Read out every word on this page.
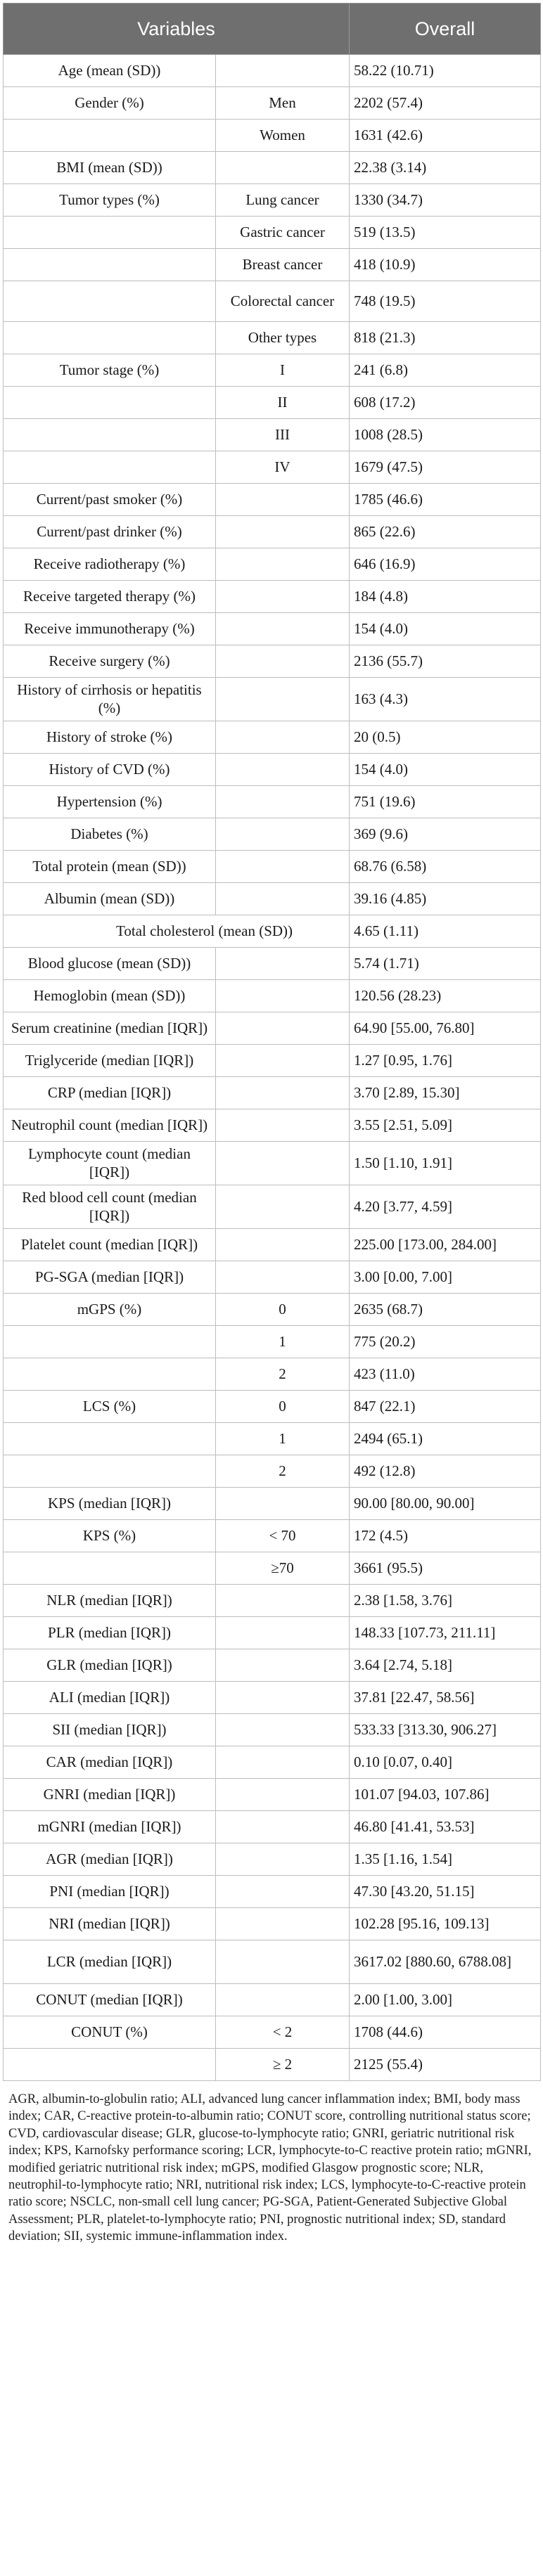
Variables		Overall
Age (mean (SD))		58.22 (10.71)
Gender (%)	Men	2202 (57.4)
	Women	1631 (42.6)
BMI (mean (SD))		22.38 (3.14)
Tumor types (%)	Lung cancer	1330 (34.7)
	Gastric cancer	519 (13.5)
	Breast cancer	418 (10.9)
	Colorectal cancer	748 (19.5)
	Other types	818 (21.3)
Tumor stage (%)	I	241 (6.8)
	II	608 (17.2)
	III	1008 (28.5)
	IV	1679 (47.5)
Current/past smoker (%)		1785 (46.6)
Current/past drinker (%)		865 (22.6)
Receive radiotherapy (%)		646 (16.9)
Receive targeted therapy (%)		184 (4.8)
Receive immunotherapy (%)		154 (4.0)
Receive surgery (%)		2136 (55.7)
History of cirrhosis or hepatitis (%)		163 (4.3)
History of stroke (%)		20 (0.5)
History of CVD (%)		154 (4.0)
Hypertension (%)		751 (19.6)
Diabetes (%)		369 (9.6)
Total protein (mean (SD))		68.76 (6.58)
Albumin (mean (SD))		39.16 (4.85)
Total cholesterol (mean (SD))		4.65 (1.11)
Blood glucose (mean (SD))		5.74 (1.71)
Hemoglobin (mean (SD))		120.56 (28.23)
Serum creatinine (median [IQR])		64.90 [55.00, 76.80]
Triglyceride (median [IQR])		1.27 [0.95, 1.76]
CRP (median [IQR])		3.70 [2.89, 15.30]
Neutrophil count (median [IQR])		3.55 [2.51, 5.09]
Lymphocyte count (median [IQR])		1.50 [1.10, 1.91]
Red blood cell count (median [IQR])		4.20 [3.77, 4.59]
Platelet count (median [IQR])		225.00 [173.00, 284.00]
PG-SGA (median [IQR])		3.00 [0.00, 7.00]
mGPS (%)	0	2635 (68.7)
	1	775 (20.2)
	2	423 (11.0)
LCS (%)	0	847 (22.1)
	1	2494 (65.1)
	2	492 (12.8)
KPS (median [IQR])		90.00 [80.00, 90.00]
KPS (%)	< 70	172 (4.5)
	≥70	3661 (95.5)
NLR (median [IQR])		2.38 [1.58, 3.76]
PLR (median [IQR])		148.33 [107.73, 211.11]
GLR (median [IQR])		3.64 [2.74, 5.18]
ALI (median [IQR])		37.81 [22.47, 58.56]
SII (median [IQR])		533.33 [313.30, 906.27]
CAR (median [IQR])		0.10 [0.07, 0.40]
GNRI (median [IQR])		101.07 [94.03, 107.86]
mGNRI (median [IQR])		46.80 [41.41, 53.53]
AGR (median [IQR])		1.35 [1.16, 1.54]
PNI (median [IQR])		47.30 [43.20, 51.15]
NRI (median [IQR])		102.28 [95.16, 109.13]
LCR (median [IQR])		3617.02 [880.60, 6788.08]
CONUT (median [IQR])		2.00 [1.00, 3.00]
CONUT (%)	< 2	1708 (44.6)
	≥ 2	2125 (55.4)
AGR, albumin-to-globulin ratio; ALI, advanced lung cancer inflammation index; BMI, body mass index; CAR, C-reactive protein-to-albumin ratio; CONUT score, controlling nutritional status score; CVD, cardiovascular disease; GLR, glucose-to-lymphocyte ratio; GNRI, geriatric nutritional risk index; KPS, Karnofsky performance scoring; LCR, lymphocyte-to-C reactive protein ratio; mGNRI, modified geriatric nutritional risk index; mGPS, modified Glasgow prognostic score; NLR, neutrophil-to-lymphocyte ratio; NRI, nutritional risk index; LCS, lymphocyte-to-C-reactive protein ratio score; NSCLC, non-small cell lung cancer; PG-SGA, Patient-Generated Subjective Global Assessment; PLR, platelet-to-lymphocyte ratio; PNI, prognostic nutritional index; SD, standard deviation; SII, systemic immune-inflammation index.
